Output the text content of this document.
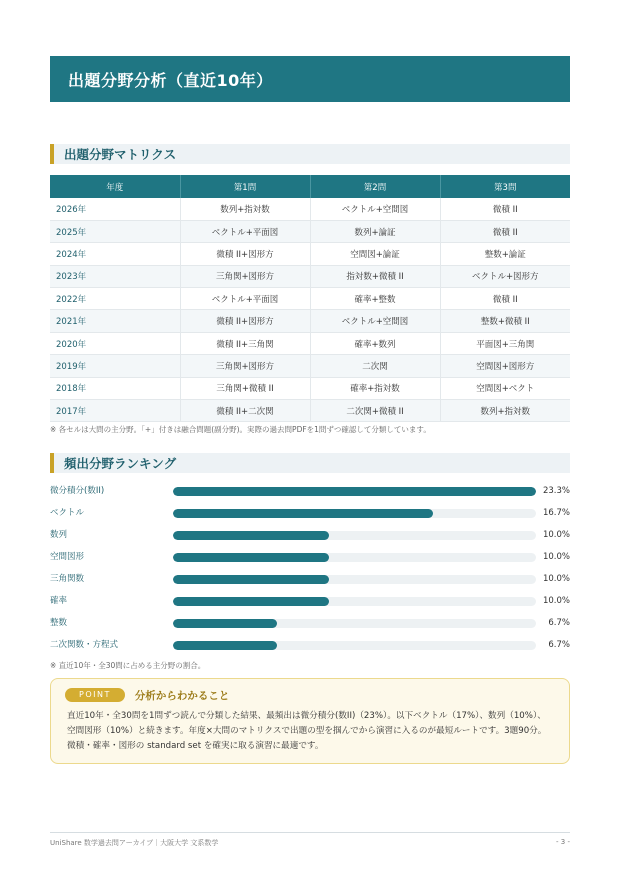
出題分野分析（直近10年）
出題分野マトリクス
年度	第1問	第2問	第3問
2026年	数列+指対数	ベクトル+空間図	微積 II
2025年	ベクトル+平面図	数列+論証	微積 II
2024年	微積 II+図形方	空間図+論証	整数+論証
2023年	三角関+図形方	指対数+微積 II	ベクトル+図形方
2022年	ベクトル+平面図	確率+整数	微積 II
2021年	微積 II+図形方	ベクトル+空間図	整数+微積 II
2020年	微積 II+三角関	確率+数列	平面図+三角関
2019年	三角関+図形方	二次関	空間図+図形方
2018年	三角関+微積 II	確率+指対数	空間図+ベクト
2017年	微積 II+二次関	二次関+微積 II	数列+指対数
※ 各セルは大問の主分野。「+」付きは融合問題(副分野)。実際の過去問PDFを1問ずつ確認して分類しています。
頻出分野ランキング
微分積分(数II)	23.3%
ベクトル	16.7%
数列	10.0%
空間図形	10.0%
三角関数	10.0%
確率	10.0%
整数	6.7%
二次関数・方程式	6.7%
※ 直近10年・全30問に占める主分野の割合。
POINT	分析からわかること
直近10年・全30問を1問ずつ読んで分類した結果、最頻出は微分積分(数II)（23%）。以下ベクトル（17%）、数列（10%）、空間図形（10%）と続きます。年度×大問のマトリクスで出題の型を掴んでから演習に入るのが最短ルートです。3題90分。微積・確率・図形の standard set を確実に取る演習に最適です。
UniShare 数学過去問アーカイブ｜大阪大学 文系数学	- 3 -
